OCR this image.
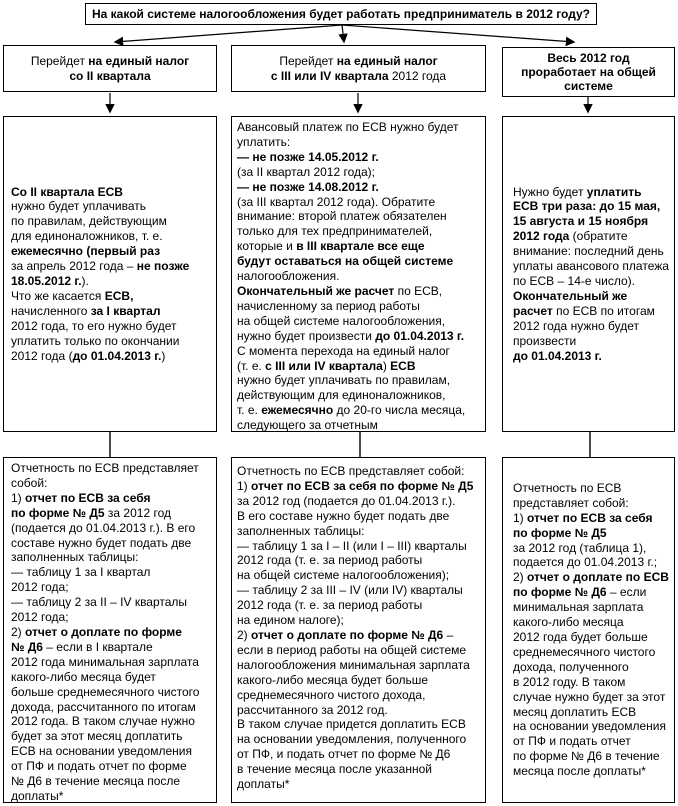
На какой системе налогообложения будет работать предприниматель в 2012 году?
Перейдет на единый налог
со II квартала
Перейдет на единый налог
с III или IV квартала 2012 года
Весь 2012 год
проработает на общей
системе
Со II квартала ЕСВ
нужно будет уплачивать
по правилам, действующим
для единоналожников, т. е.
ежемесячно (первый раз
за апрель 2012 года – не позже
18.05.2012 г.).
Что же касается ЕСВ,
начисленного за I квартал
2012 года, то его нужно будет
уплатить только по окончании
2012 года (до 01.04.2013 г.)
Авансовый платеж по ЕСВ нужно будет
уплатить:
— не позже 14.05.2012 г.
(за II квартал 2012 года);
— не позже 14.08.2012 г.
(за III квартал 2012 года). Обратите
внимание: второй платеж обязателен
только для тех предпринимателей,
которые и в III квартале все еще
будут оставаться на общей системе
налогообложения.
Окончательный же расчет по ЕСВ,
начисленному за период работы
на общей системе налогообложения,
нужно будет произвести до 01.04.2013 г.
С момента перехода на единый налог
(т. е. с III или IV квартала) ЕСВ
нужно будет уплачивать по правилам,
действующим для единоналожников,
т. е. ежемесячно до 20-го числа месяца,
следующего за отчетным
Нужно будет уплатить
ЕСВ три раза: до 15 мая,
15 августа и 15 ноября
2012 года (обратите
внимание: последний день
уплаты авансового платежа
по ЕСВ – 14-е число).
Окончательный же
расчет по ЕСВ по итогам
2012 года нужно будет
произвести
до 01.04.2013 г.
Отчетность по ЕСВ представляет
собой:
1) отчет по ЕСВ за себя
по форме № Д5 за 2012 год
(подается до 01.04.2013 г.). В его
составе нужно будет подать две
заполненных таблицы:
— таблицу 1 за I квартал
2012 года;
— таблицу 2 за II – IV кварталы
2012 года;
2) отчет о доплате по форме
№ Д6 – если в I квартале
2012 года минимальная зарплата
какого-либо месяца будет
больше среднемесячного чистого
дохода, рассчитанного по итогам
2012 года. В таком случае нужно
будет за этот месяц доплатить
ЕСВ на основании уведомления
от ПФ и подать отчет по форме
№ Д6 в течение месяца после
доплаты*
Отчетность по ЕСВ представляет собой:
1) отчет по ЕСВ за себя по форме № Д5
за 2012 год (подается до 01.04.2013 г.).
В его составе нужно будет подать две
заполненных таблицы:
— таблицу 1 за I – II (или I – III) кварталы
2012 года (т. е. за период работы
на общей системе налогообложения);
— таблицу 2 за III – IV (или IV) кварталы
2012 года (т. е. за период работы
на едином налоге);
2) отчет о доплате по форме № Д6 –
если в период работы на общей системе
налогообложения минимальная зарплата
какого-либо месяца будет больше
среднемесячного чистого дохода,
рассчитанного за 2012 год.
В таком случае придется доплатить ЕСВ
на основании уведомления, полученного
от ПФ, и подать отчет по форме № Д6
в течение месяца после указанной
доплаты*
Отчетность по ЕСВ
представляет собой:
1) отчет по ЕСВ за себя
по форме № Д5
за 2012 год (таблица 1),
подается до 01.04.2013 г.;
2) отчет о доплате по ЕСВ
по форме № Д6 – если
минимальная зарплата
какого-либо месяца
2012 года будет больше
среднемесячного чистого
дохода, полученного
в 2012 году. В таком
случае нужно будет за этот
месяц доплатить ЕСВ
на основании уведомления
от ПФ и подать отчет
по форме № Д6 в течение
месяца после доплаты*
